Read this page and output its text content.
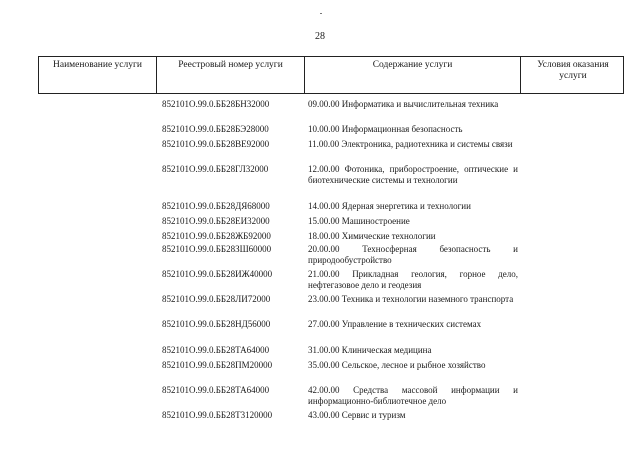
28
Наименование услуги	Реестровый номер услуги	Содержание услуги	Условия оказания услуги
852101О.99.0.ББ28БН32000	09.00.00 Информатика и вычислительная техника
852101О.99.0.ББ28БЭ28000	10.00.00 Информационная безопасность
852101О.99.0.ББ28ВЕ92000	11.00.00 Электроника, радиотехника и системы связи
852101О.99.0.ББ28ГЛ32000	12.00.00 Фотоника, приборостроение, оптические и биотехнические системы и технологии
852101О.99.0.ББ28ДЯ68000	14.00.00 Ядерная энергетика и технологии
852101О.99.0.ББ28ЕИ32000	15.00.00 Машиностроение
852101О.99.0.ББ28ЖБ92000	18.00.00 Химические технологии
852101О.99.0.ББ28ЗШ60000	20.00.00 Техносферная безопасность и природообустройство
852101О.99.0.ББ28ИЖ40000	21.00.00 Прикладная геология, горное дело, нефтегазовое дело и геодезия
852101О.99.0.ББ28ЛИ72000	23.00.00 Техника и технологии наземного транспорта
852101О.99.0.ББ28НД56000	27.00.00 Управление в технических системах
852101О.99.0.ББ28ТА64000	31.00.00 Клиническая медицина
852101О.99.0.ББ28ПМ20000	35.00.00 Сельское, лесное и рыбное хозяйство
852101О.99.0.ББ28ТА64000	42.00.00 Средства массовой информации и информационно-библиотечное дело
852101О.99.0.ББ28Т3120000	43.00.00 Сервис и туризм
